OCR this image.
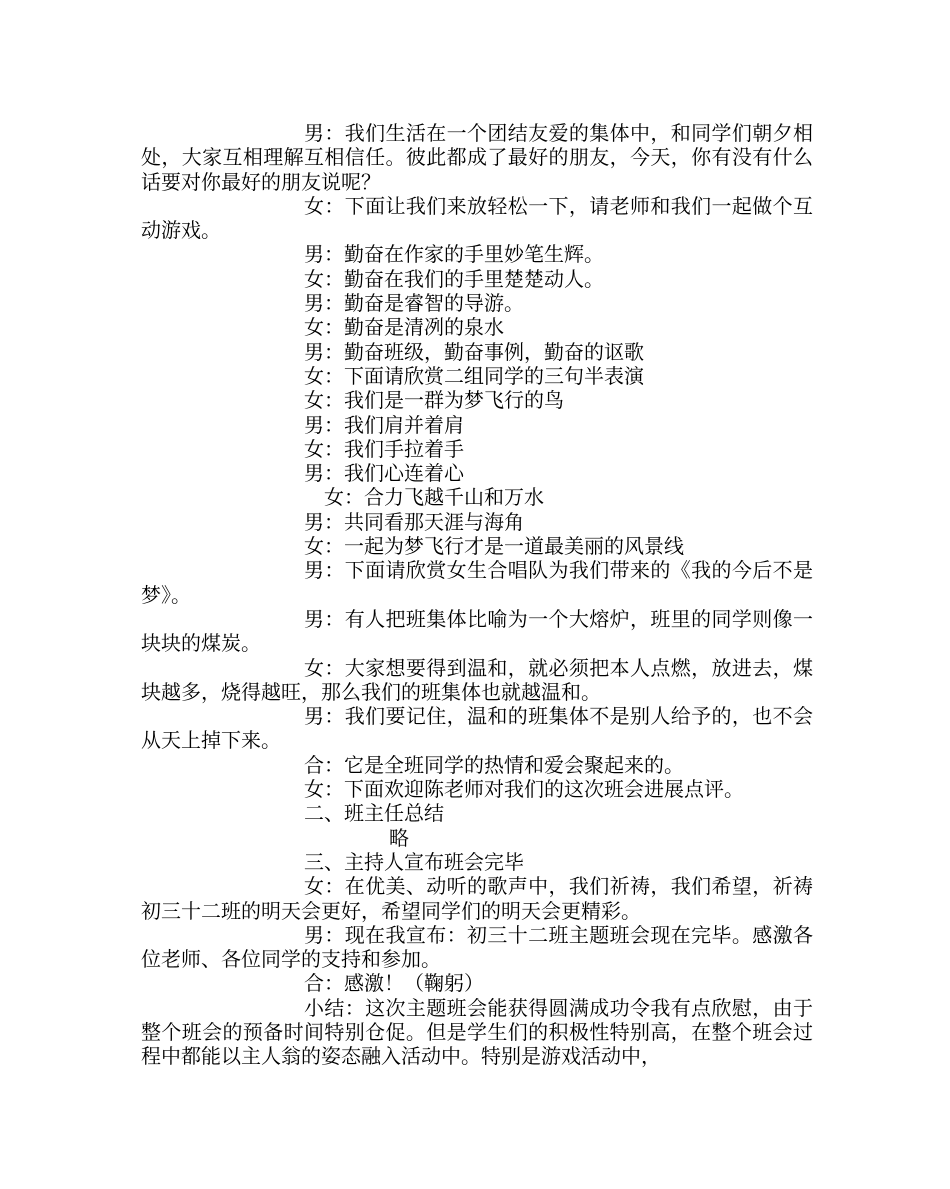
男：我们生活在一个团结友爱的集体中，和同学们朝夕相处，大家互相理解互相信任。彼此都成了最好的朋友，今天，你有没有什么话要对你最好的朋友说呢？

女：下面让我们来放轻松一下，请老师和我们一起做个互动游戏。

男：勤奋在作家的手里妙笔生辉。

女：勤奋在我们的手里楚楚动人。

男：勤奋是睿智的导游。

女：勤奋是清冽的泉水

男：勤奋班级，勤奋事例，勤奋的讴歌

女：下面请欣赏二组同学的三句半表演

女：我们是一群为梦飞行的鸟

男：我们肩并着肩

女：我们手拉着手

男：我们心连着心

女：合力飞越千山和万水

男：共同看那天涯与海角

女：一起为梦飞行才是一道最美丽的风景线

男：下面请欣赏女生合唱队为我们带来的《我的今后不是梦》。

男：有人把班集体比喻为一个大熔炉，班里的同学则像一块块的煤炭。

女：大家想要得到温和，就必须把本人点燃，放进去，煤块越多，烧得越旺，那么我们的班集体也就越温和。

男：我们要记住，温和的班集体不是别人给予的，也不会从天上掉下来。

合：它是全班同学的热情和爱会聚起来的。

女：下面欢迎陈老师对我们的这次班会进展点评。

二、班主任总结

略

三、主持人宣布班会完毕

女：在优美、动听的歌声中，我们祈祷，我们希望，祈祷初三十二班的明天会更好，希望同学们的明天会更精彩。

男：现在我宣布：初三十二班主题班会现在完毕。感激各位老师、各位同学的支持和参加。

合：感激！（鞠躬）

小结：这次主题班会能获得圆满成功令我有点欣慰，由于整个班会的预备时间特别仓促。但是学生们的积极性特别高，在整个班会过程中都能以主人翁的姿态融入活动中。特别是游戏活动中，
